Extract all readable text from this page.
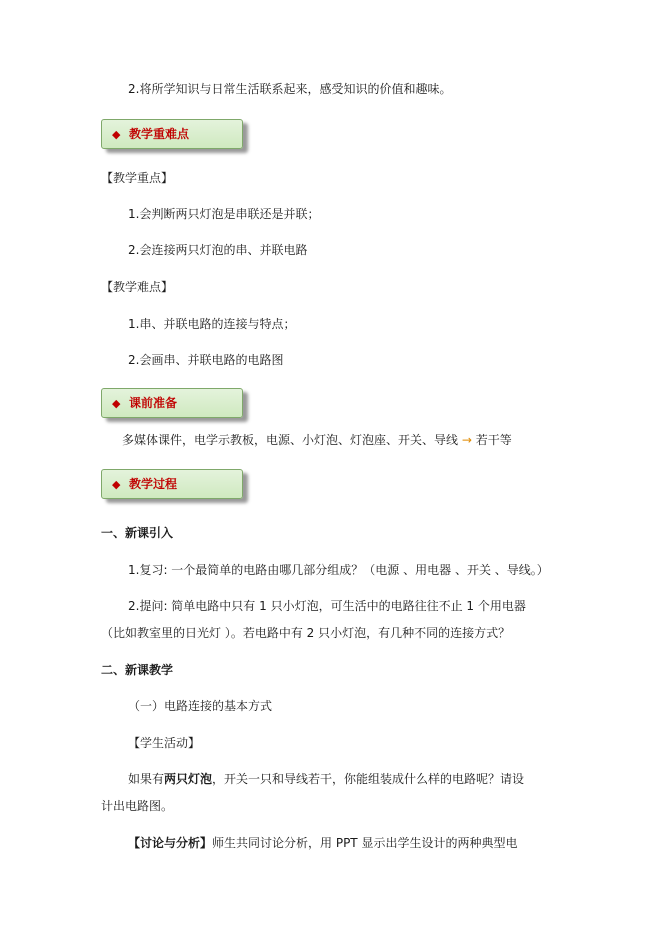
2.将所学知识与日常生活联系起来，感受知识的价值和趣味。
◆ 教学重难点
【教学重点】
1.会判断两只灯泡是串联还是并联；
2.会连接两只灯泡的串、并联电路
【教学难点】
1.串、并联电路的连接与特点；
2.会画串、并联电路的电路图
◆ 课前准备
多媒体课件，电学示教板，电源、小灯泡、灯泡座、开关、导线 → 若干等
◆ 教学过程
一、新课引入
1.复习: 一个最简单的电路由哪几部分组成？（电源 、用电器 、开关 、导线。）
2.提问: 简单电路中只有 1 只小灯泡，可生活中的电路往往不止 1 个用电器
（比如教室里的日光灯 ）。若电路中有 2 只小灯泡，有几种不同的连接方式？
二、新课教学
（一）电路连接的基本方式
【学生活动】
如果有两只灯泡，开关一只和导线若干，你能组装成什么样的电路呢？请设
计出电路图。
【讨论与分析】师生共同讨论分析，用 PPT 显示出学生设计的两种典型电
